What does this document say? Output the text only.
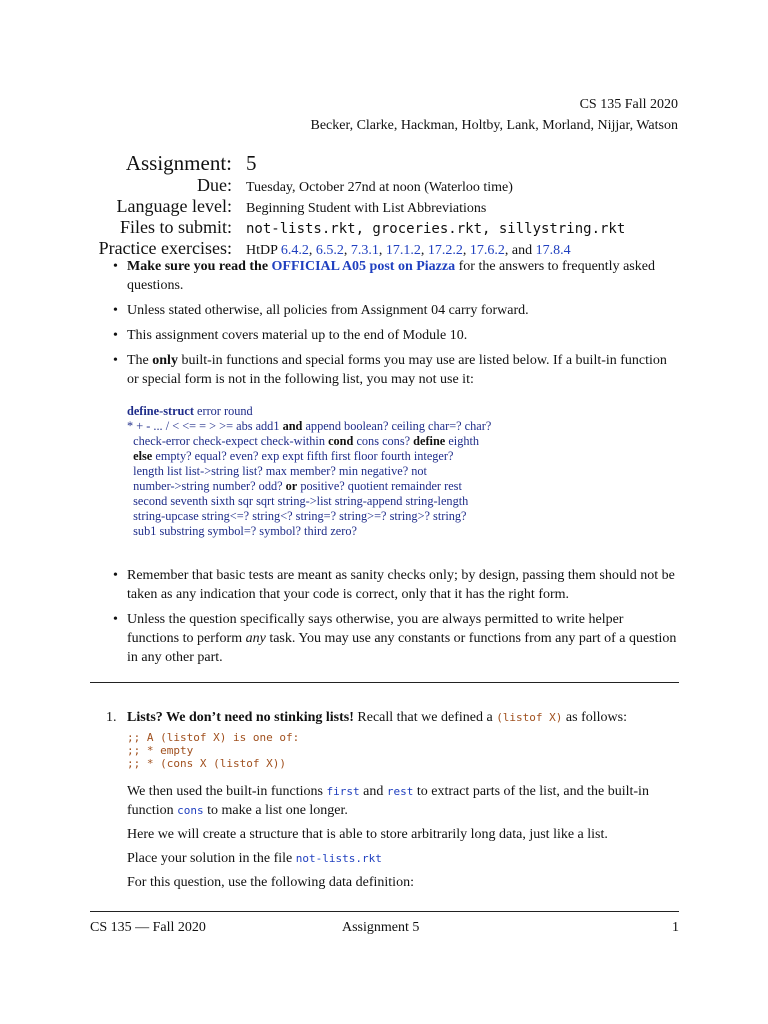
CS 135 Fall 2020
Becker, Clarke, Hackman, Holtby, Lank, Morland, Nijjar, Watson
Assignment: 5
Due:	Tuesday, October 27nd at noon (Waterloo time)
Language level:	Beginning Student with List Abbreviations
Files to submit:	not-lists.rkt, groceries.rkt, sillystring.rkt
Practice exercises:	HtDP 6.4.2, 6.5.2, 7.3.1, 17.1.2, 17.2.2, 17.6.2, and 17.8.4
• Make sure you read the OFFICIAL A05 post on Piazza for the answers to frequently asked questions.
• Unless stated otherwise, all policies from Assignment 04 carry forward.
• This assignment covers material up to the end of Module 10.
• The only built-in functions and special forms you may use are listed below. If a built-in function or special form is not in the following list, you may not use it:
define-struct error round
* + - ... / < <= = > >= abs add1 and append boolean? ceiling char=? char?
check-error check-expect check-within cond cons cons? define eighth
else empty? equal? even? exp expt fifth first floor fourth integer?
length list list->string list? max member? min negative? not
number->string number? odd? or positive? quotient remainder rest
second seventh sixth sqr sqrt string->list string-append string-length
string-upcase string<=? string<? string=? string>=? string>? string?
sub1 substring symbol=? symbol? third zero?
• Remember that basic tests are meant as sanity checks only; by design, passing them should not be taken as any indication that your code is correct, only that it has the right form.
• Unless the question specifically says otherwise, you are always permitted to write helper functions to perform any task. You may use any constants or functions from any part of a question in any other part.
1. Lists? We don’t need no stinking lists! Recall that we defined a (listof X) as follows:
;; A (listof X) is one of:
;; * empty
;; * (cons X (listof X))
We then used the built-in functions first and rest to extract parts of the list, and the built-in function cons to make a list one longer.
Here we will create a structure that is able to store arbitrarily long data, just like a list.
Place your solution in the file not-lists.rkt
For this question, use the following data definition:
CS 135 — Fall 2020	Assignment 5	1
